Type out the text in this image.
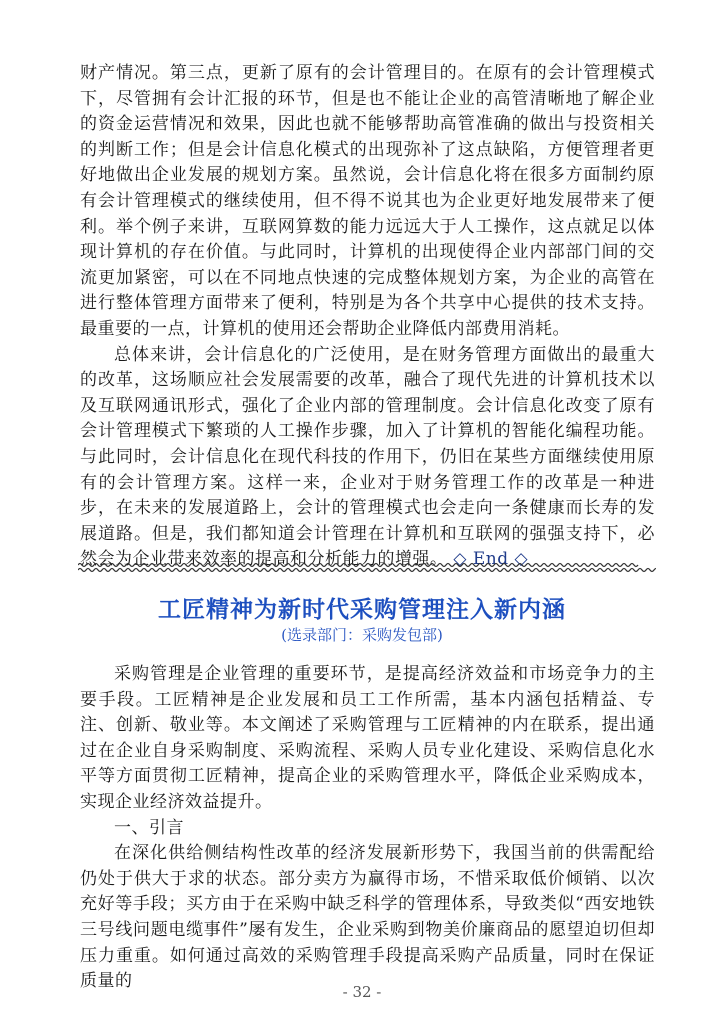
财产情况。第三点，更新了原有的会计管理目的。在原有的会计管理模式下，尽管拥有会计汇报的环节，但是也不能让企业的高管清晰地了解企业的资金运营情况和效果，因此也就不能够帮助高管准确的做出与投资相关的判断工作；但是会计信息化模式的出现弥补了这点缺陷，方便管理者更好地做出企业发展的规划方案。虽然说，会计信息化将在很多方面制约原有会计管理模式的继续使用，但不得不说其也为企业更好地发展带来了便利。举个例子来讲，互联网算数的能力远远大于人工操作，这点就足以体现计算机的存在价值。与此同时，计算机的出现使得企业内部部门间的交流更加紧密，可以在不同地点快速的完成整体规划方案，为企业的高管在进行整体管理方面带来了便利，特别是为各个共享中心提供的技术支持。最重要的一点，计算机的使用还会帮助企业降低内部费用消耗。

总体来讲，会计信息化的广泛使用，是在财务管理方面做出的最重大的改革，这场顺应社会发展需要的改革，融合了现代先进的计算机技术以及互联网通讯形式，强化了企业内部的管理制度。会计信息化改变了原有会计管理模式下繁琐的人工操作步骤，加入了计算机的智能化编程功能。与此同时，会计信息化在现代科技的作用下，仍旧在某些方面继续使用原有的会计管理方案。这样一来，企业对于财务管理工作的改革是一种进步，在未来的发展道路上，会计的管理模式也会走向一条健康而长寿的发展道路。但是，我们都知道会计管理在计算机和互联网的强强支持下，必然会为企业带来效率的提高和分析能力的增强。 ◇ End ◇

工匠精神为新时代采购管理注入新内涵
(选录部门：采购发包部)

采购管理是企业管理的重要环节，是提高经济效益和市场竞争力的主要手段。工匠精神是企业发展和员工工作所需，基本内涵包括精益、专注、创新、敬业等。本文阐述了采购管理与工匠精神的内在联系，提出通过在企业自身采购制度、采购流程、采购人员专业化建设、采购信息化水平等方面贯彻工匠精神，提高企业的采购管理水平，降低企业采购成本，实现企业经济效益提升。

一、引言

在深化供给侧结构性改革的经济发展新形势下，我国当前的供需配给仍处于供大于求的状态。部分卖方为赢得市场，不惜采取低价倾销、以次充好等手段；买方由于在采购中缺乏科学的管理体系，导致类似“西安地铁三号线问题电缆事件”屡有发生，企业采购到物美价廉商品的愿望迫切但却压力重重。如何通过高效的采购管理手段提高采购产品质量，同时在保证质量的

- 32 -
